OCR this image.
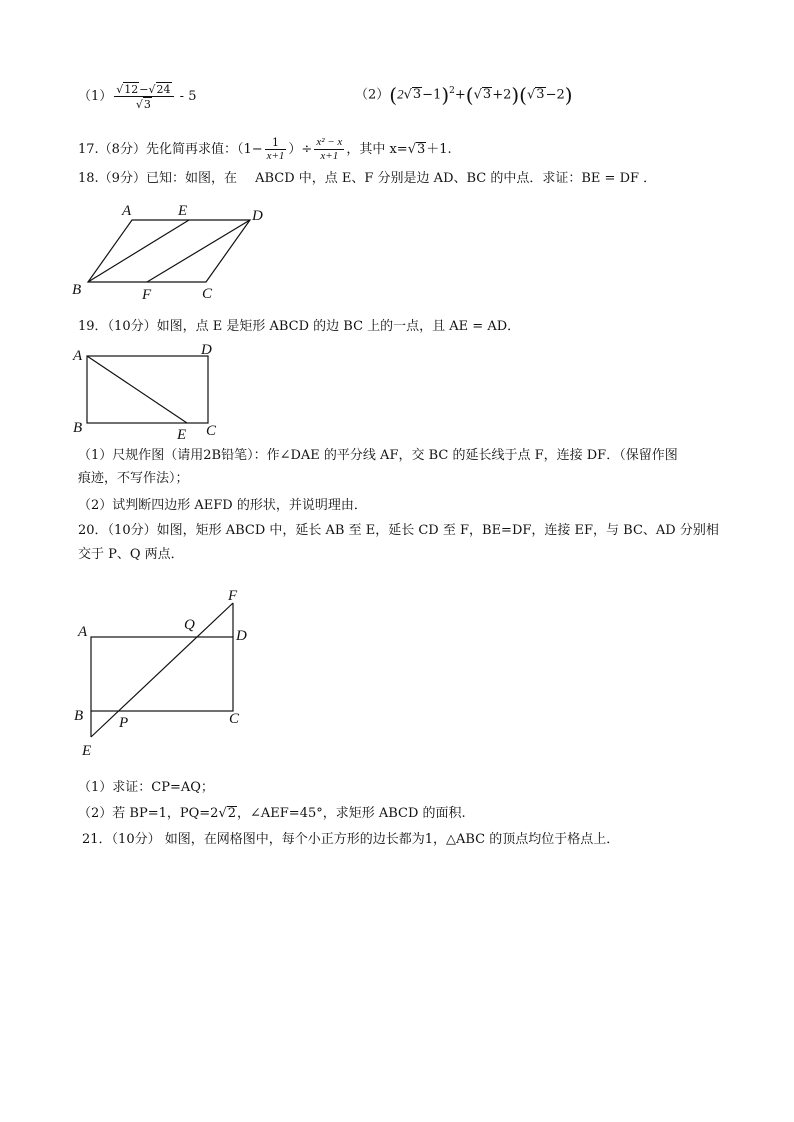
$(1) \frac{√12-√24}{√3} - 5$	$(2)(2√3-1)^2+(√3+2)(√3-2)$
17.（8分）先化简再求值：（$1- \frac{1}{x+1}$ ）÷ $\frac{\text{x² − x}}{x+1}$ ，其中 x=√3＋1.
18.（9分）已知：如图，在 ABCD 中，点 E、F 分别是边 AD、BC 的中点．求证：BE = DF ．
A	E	D
B	F	C
19．（10分）如图，点 E 是矩形 ABCD 的边 BC 上的一点，且 AE = AD．
A	D
B	E C
（1）尺规作图（请用2B铅笔）：作∠DAE 的平分线 AF，交 BC 的延长线于点 F，连接 DF．（保留作图
痕迹，不写作法）；
（2）试判断四边形 AEFD 的形状，并说明理由．
20．（10分）如图，矩形 ABCD 中，延长 AB 至 E，延长 CD 至 F，BE=DF，连接 EF，与 BC、AD 分别相
交于 P、Q 两点．
F
A	Q
D
B P	C
E
（1）求证：CP=AQ；
（2）若 BP=1，PQ=2√2，∠AEF=45°，求矩形 ABCD 的面积.
21．（10分） 如图，在网格图中，每个小正方形的边长都为1，△ABC 的顶点均位于格点上．
